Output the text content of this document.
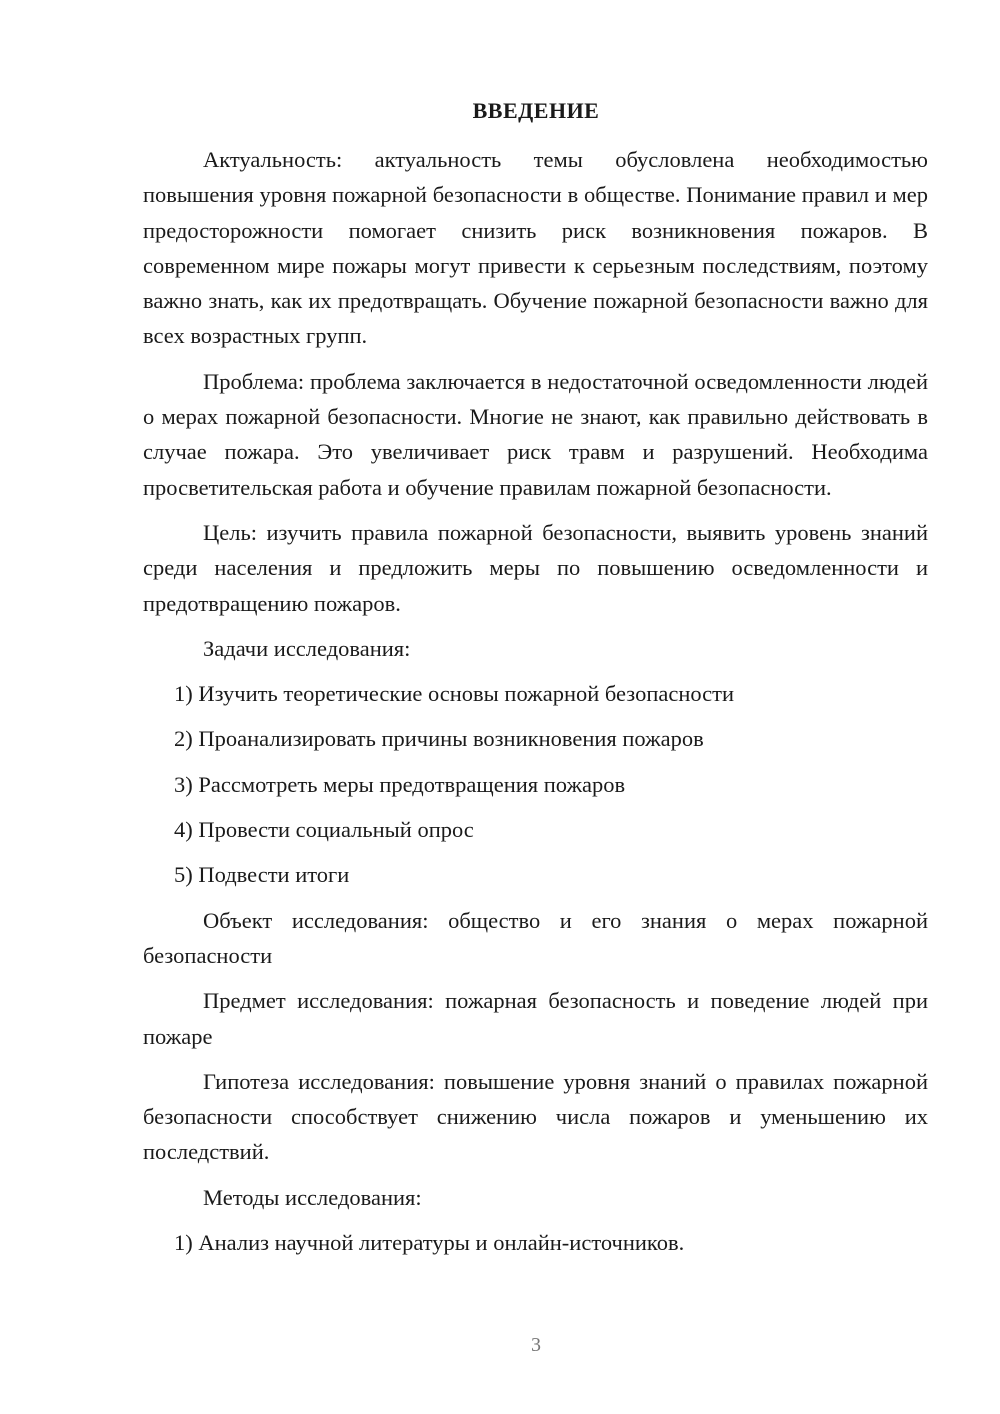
ВВЕДЕНИЕ

Актуальность: актуальность темы обусловлена необходимостью повышения уровня пожарной безопасности в обществе. Понимание правил и мер предосторожности помогает снизить риск возникновения пожаров. В современном мире пожары могут привести к серьезным последствиям, поэтому важно знать, как их предотвращать. Обучение пожарной безопасности важно для всех возрастных групп.

Проблема: проблема заключается в недостаточной осведомленности людей о мерах пожарной безопасности. Многие не знают, как правильно действовать в случае пожара. Это увеличивает риск травм и разрушений. Необходима просветительская работа и обучение правилам пожарной безопасности.

Цель: изучить правила пожарной безопасности, выявить уровень знаний среди населения и предложить меры по повышению осведомленности и предотвращению пожаров.

Задачи исследования:

1) Изучить теоретические основы пожарной безопасности

2) Проанализировать причины возникновения пожаров

3) Рассмотреть меры предотвращения пожаров

4) Провести социальный опрос

5) Подвести итоги

Объект исследования: общество и его знания о мерах пожарной безопасности

Предмет исследования: пожарная безопасность и поведение людей при пожаре

Гипотеза исследования: повышение уровня знаний о правилах пожарной безопасности способствует снижению числа пожаров и уменьшению их последствий.

Методы исследования:

1) Анализ научной литературы и онлайн-источников.

3
